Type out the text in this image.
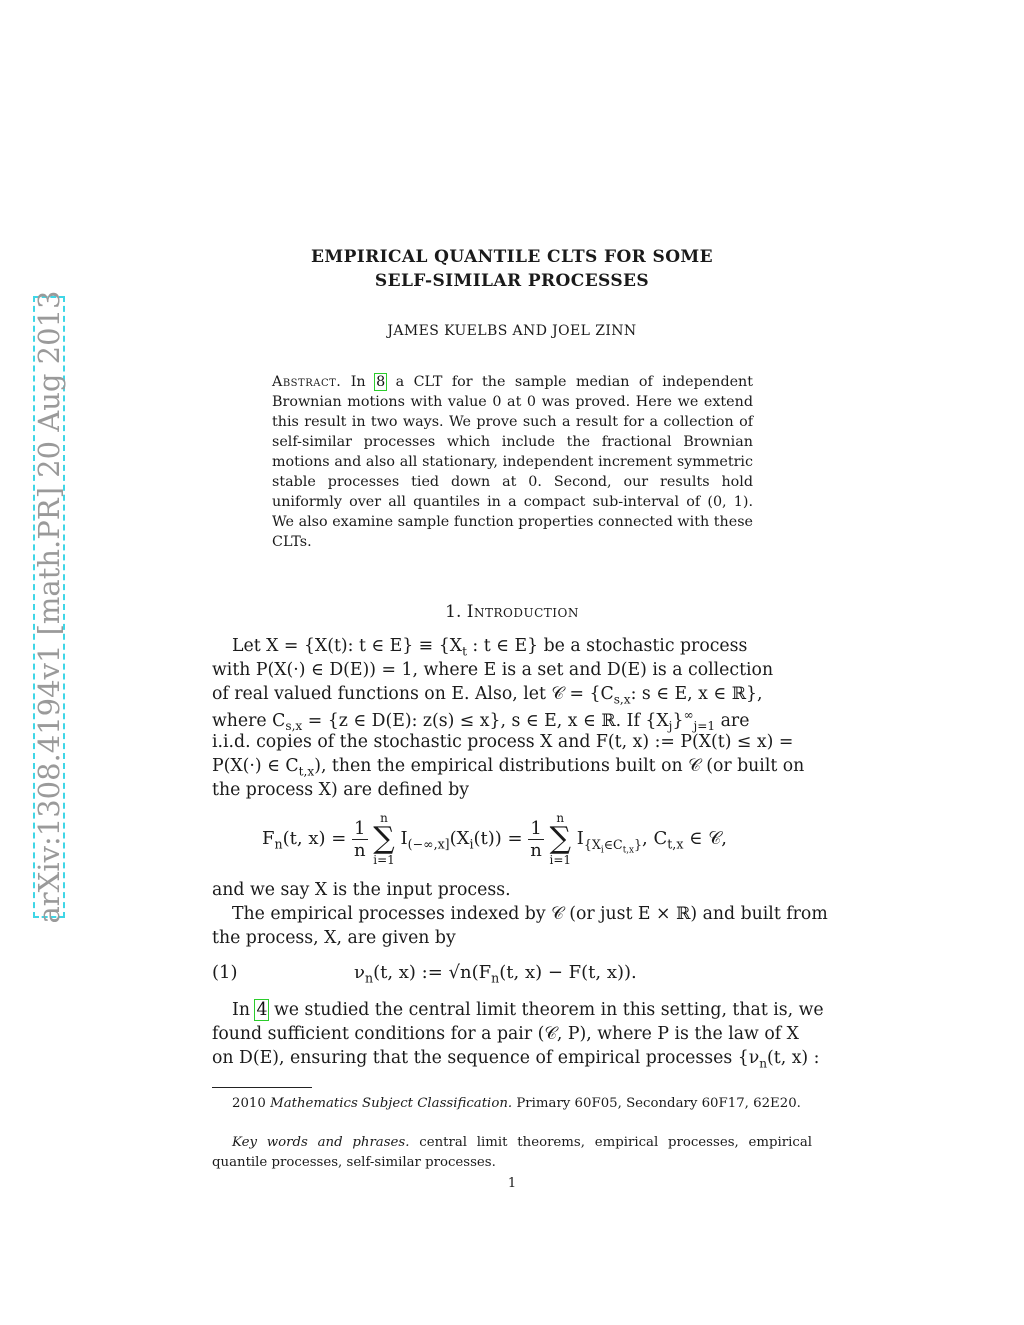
arXiv:1308.4194v1 [math.PR] 20 Aug 2013
EMPIRICAL QUANTILE CLTS FOR SOME
SELF-SIMILAR PROCESSES
JAMES KUELBS AND JOEL ZINN
Abstract. In 8 a CLT for the sample median of independent Brownian motions with value 0 at 0 was proved. Here we extend this result in two ways. We prove such a result for a collection of self-similar processes which include the fractional Brownian motions and also all stationary, independent increment symmetric stable processes tied down at 0. Second, our results hold uniformly over all quantiles in a compact sub-interval of (0, 1). We also examine sample function properties connected with these CLTs.
1. Introduction
Let X = {X(t): t ∈ $E\} \equiv \{X_t$ : t ∈ E} be a stochastic process
with P(X(·) ∈ D(E)) = 1, where E is a set and D(E) is a collection
of real valued functions on E. Also, let 𝒞 = {$C_{s,x}$: s ∈ E, x ∈ ℝ},
where $C_{s,x} = \{z$ ∈ D(E): z(s) ≤ x}, s ∈ E, x ∈ ℝ. If $\{X_j\}^\infty_{j=1}$ are
i.i.d. copies of the stochastic process X and F(t, x) := P(X(t) ≤ x) =
P(X(·) ∈ $C_{t,x}$), then the empirical distributions built on 𝒞 (or built on
the process X) are defined by
$F_n(t$, $x) = \frac{1}{n}$
	n
∑
i=1
$I_{(-\infty,x]}(X_i(t)) = \frac{1}{n}$
	n
∑
i=1
$I_{\{X_i\in C_{t,x}\}}$, $C_{t,x}$ ∈ 𝒞,
and we say X is the input process.
The empirical processes indexed by 𝒞 (or just E × ℝ) and built from
the process, X, are given by
(1)	$\nu_n(t$, x) := $√n(F_n(t$, x) − F(t, x)).
In 4 we studied the central limit theorem in this setting, that is, we
found sufficient conditions for a pair (𝒞, P), where P is the law of X
on D(E), ensuring that the sequence of empirical processes {$\nu_n(t$, x) :
2010 Mathematics Subject Classification. Primary 60F05, Secondary 60F17, 62E20.
Key words and phrases. central limit theorems, empirical processes, empirical quantile processes, self-similar processes.
1
